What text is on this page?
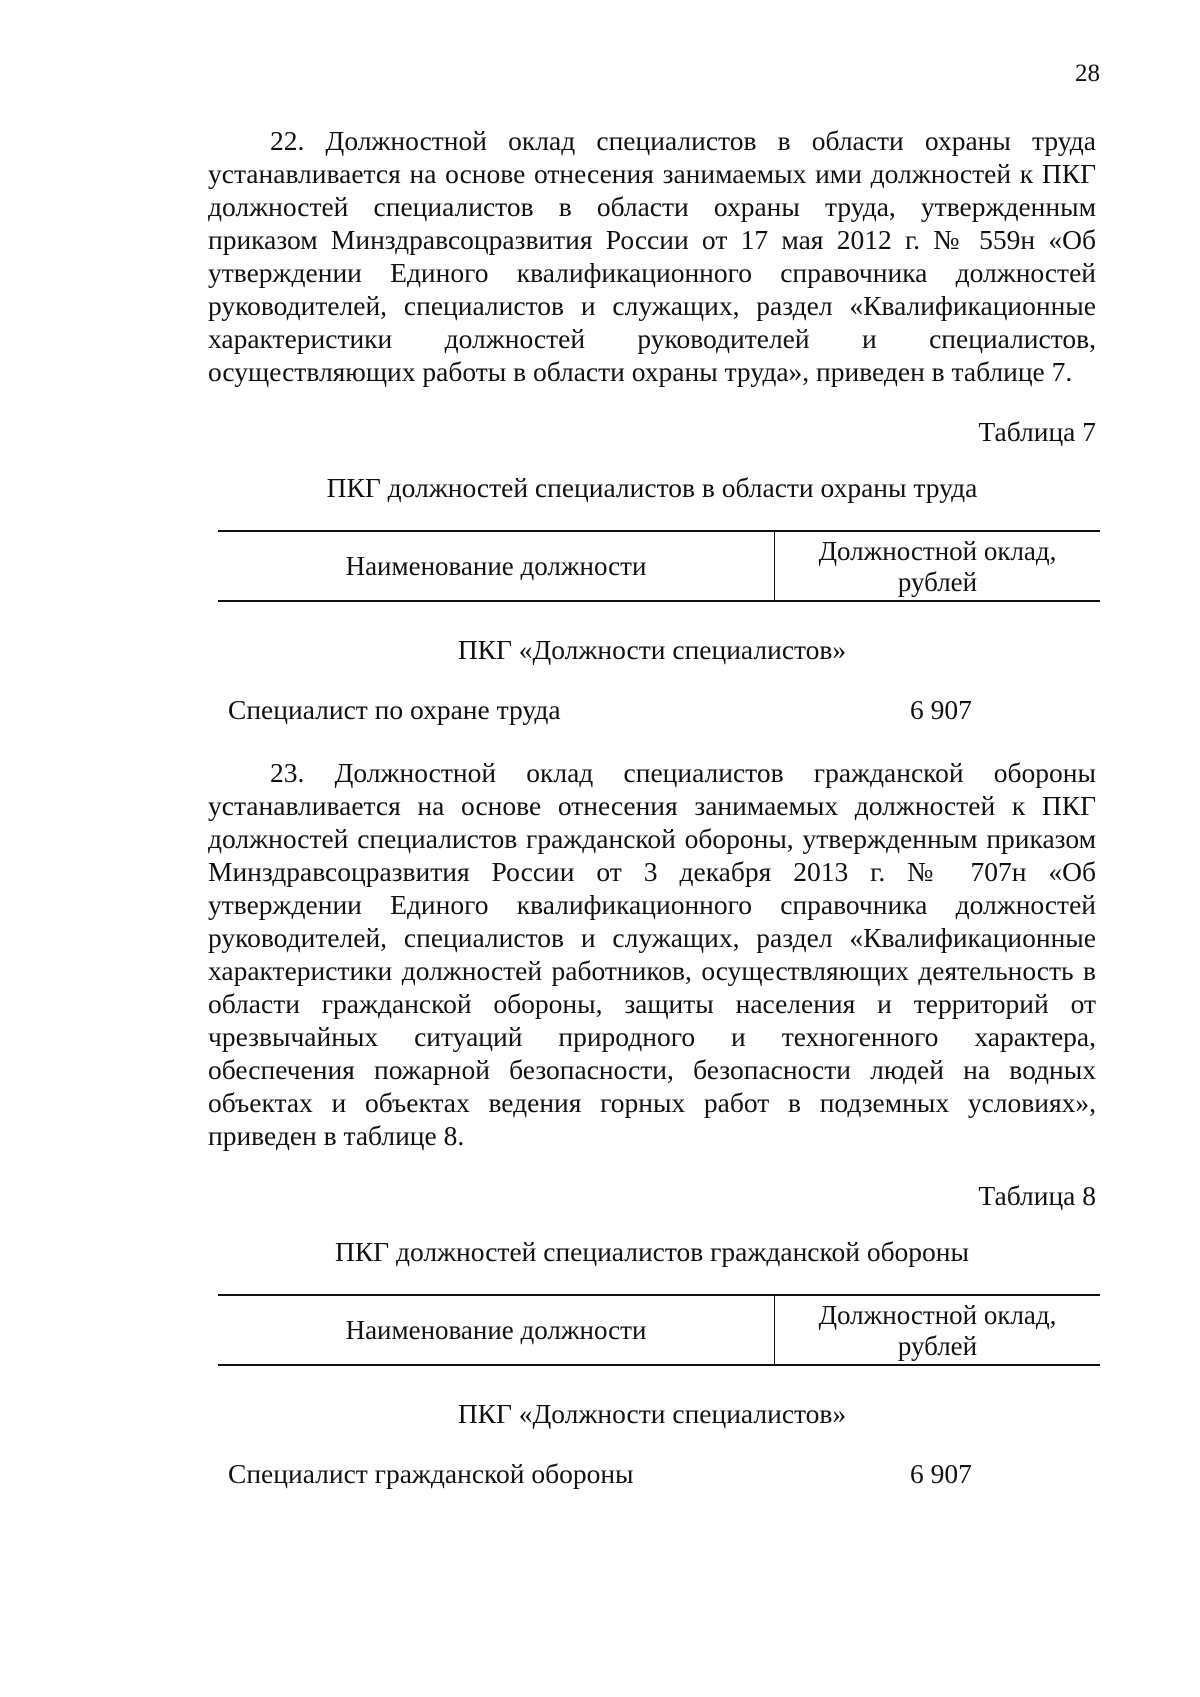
28

22. Должностной оклад специалистов в области охраны труда устанавливается на основе отнесения занимаемых ими должностей к ПКГ должностей специалистов в области охраны труда, утвержденным приказом Минздравсоцразвития России от 17 мая 2012 г. № 559н «Об утверждении Единого квалификационного справочника должностей руководителей, специалистов и служащих, раздел «Квалификационные характеристики должностей руководителей и специалистов, осуществляющих работы в области охраны труда», приведен в таблице 7.

Таблица 7

ПКГ должностей специалистов в области охраны труда

Наименование должности	Должностной оклад,
рублей

ПКГ «Должности специалистов»

Специалист по охране труда	6 907

23. Должностной оклад специалистов гражданской обороны устанавливается на основе отнесения занимаемых должностей к ПКГ должностей специалистов гражданской обороны, утвержденным приказом Минздравсоцразвития России от 3 декабря 2013 г. № 707н «Об утверждении Единого квалификационного справочника должностей руководителей, специалистов и служащих, раздел «Квалификационные характеристики должностей работников, осуществляющих деятельность в области гражданской обороны, защиты населения и территорий от чрезвычайных ситуаций природного и техногенного характера, обеспечения пожарной безопасности, безопасности людей на водных объектах и объектах ведения горных работ в подземных условиях», приведен в таблице 8.

Таблица 8

ПКГ должностей специалистов гражданской обороны

Наименование должности	Должностной оклад,
рублей

ПКГ «Должности специалистов»

Специалист гражданской обороны	6 907
